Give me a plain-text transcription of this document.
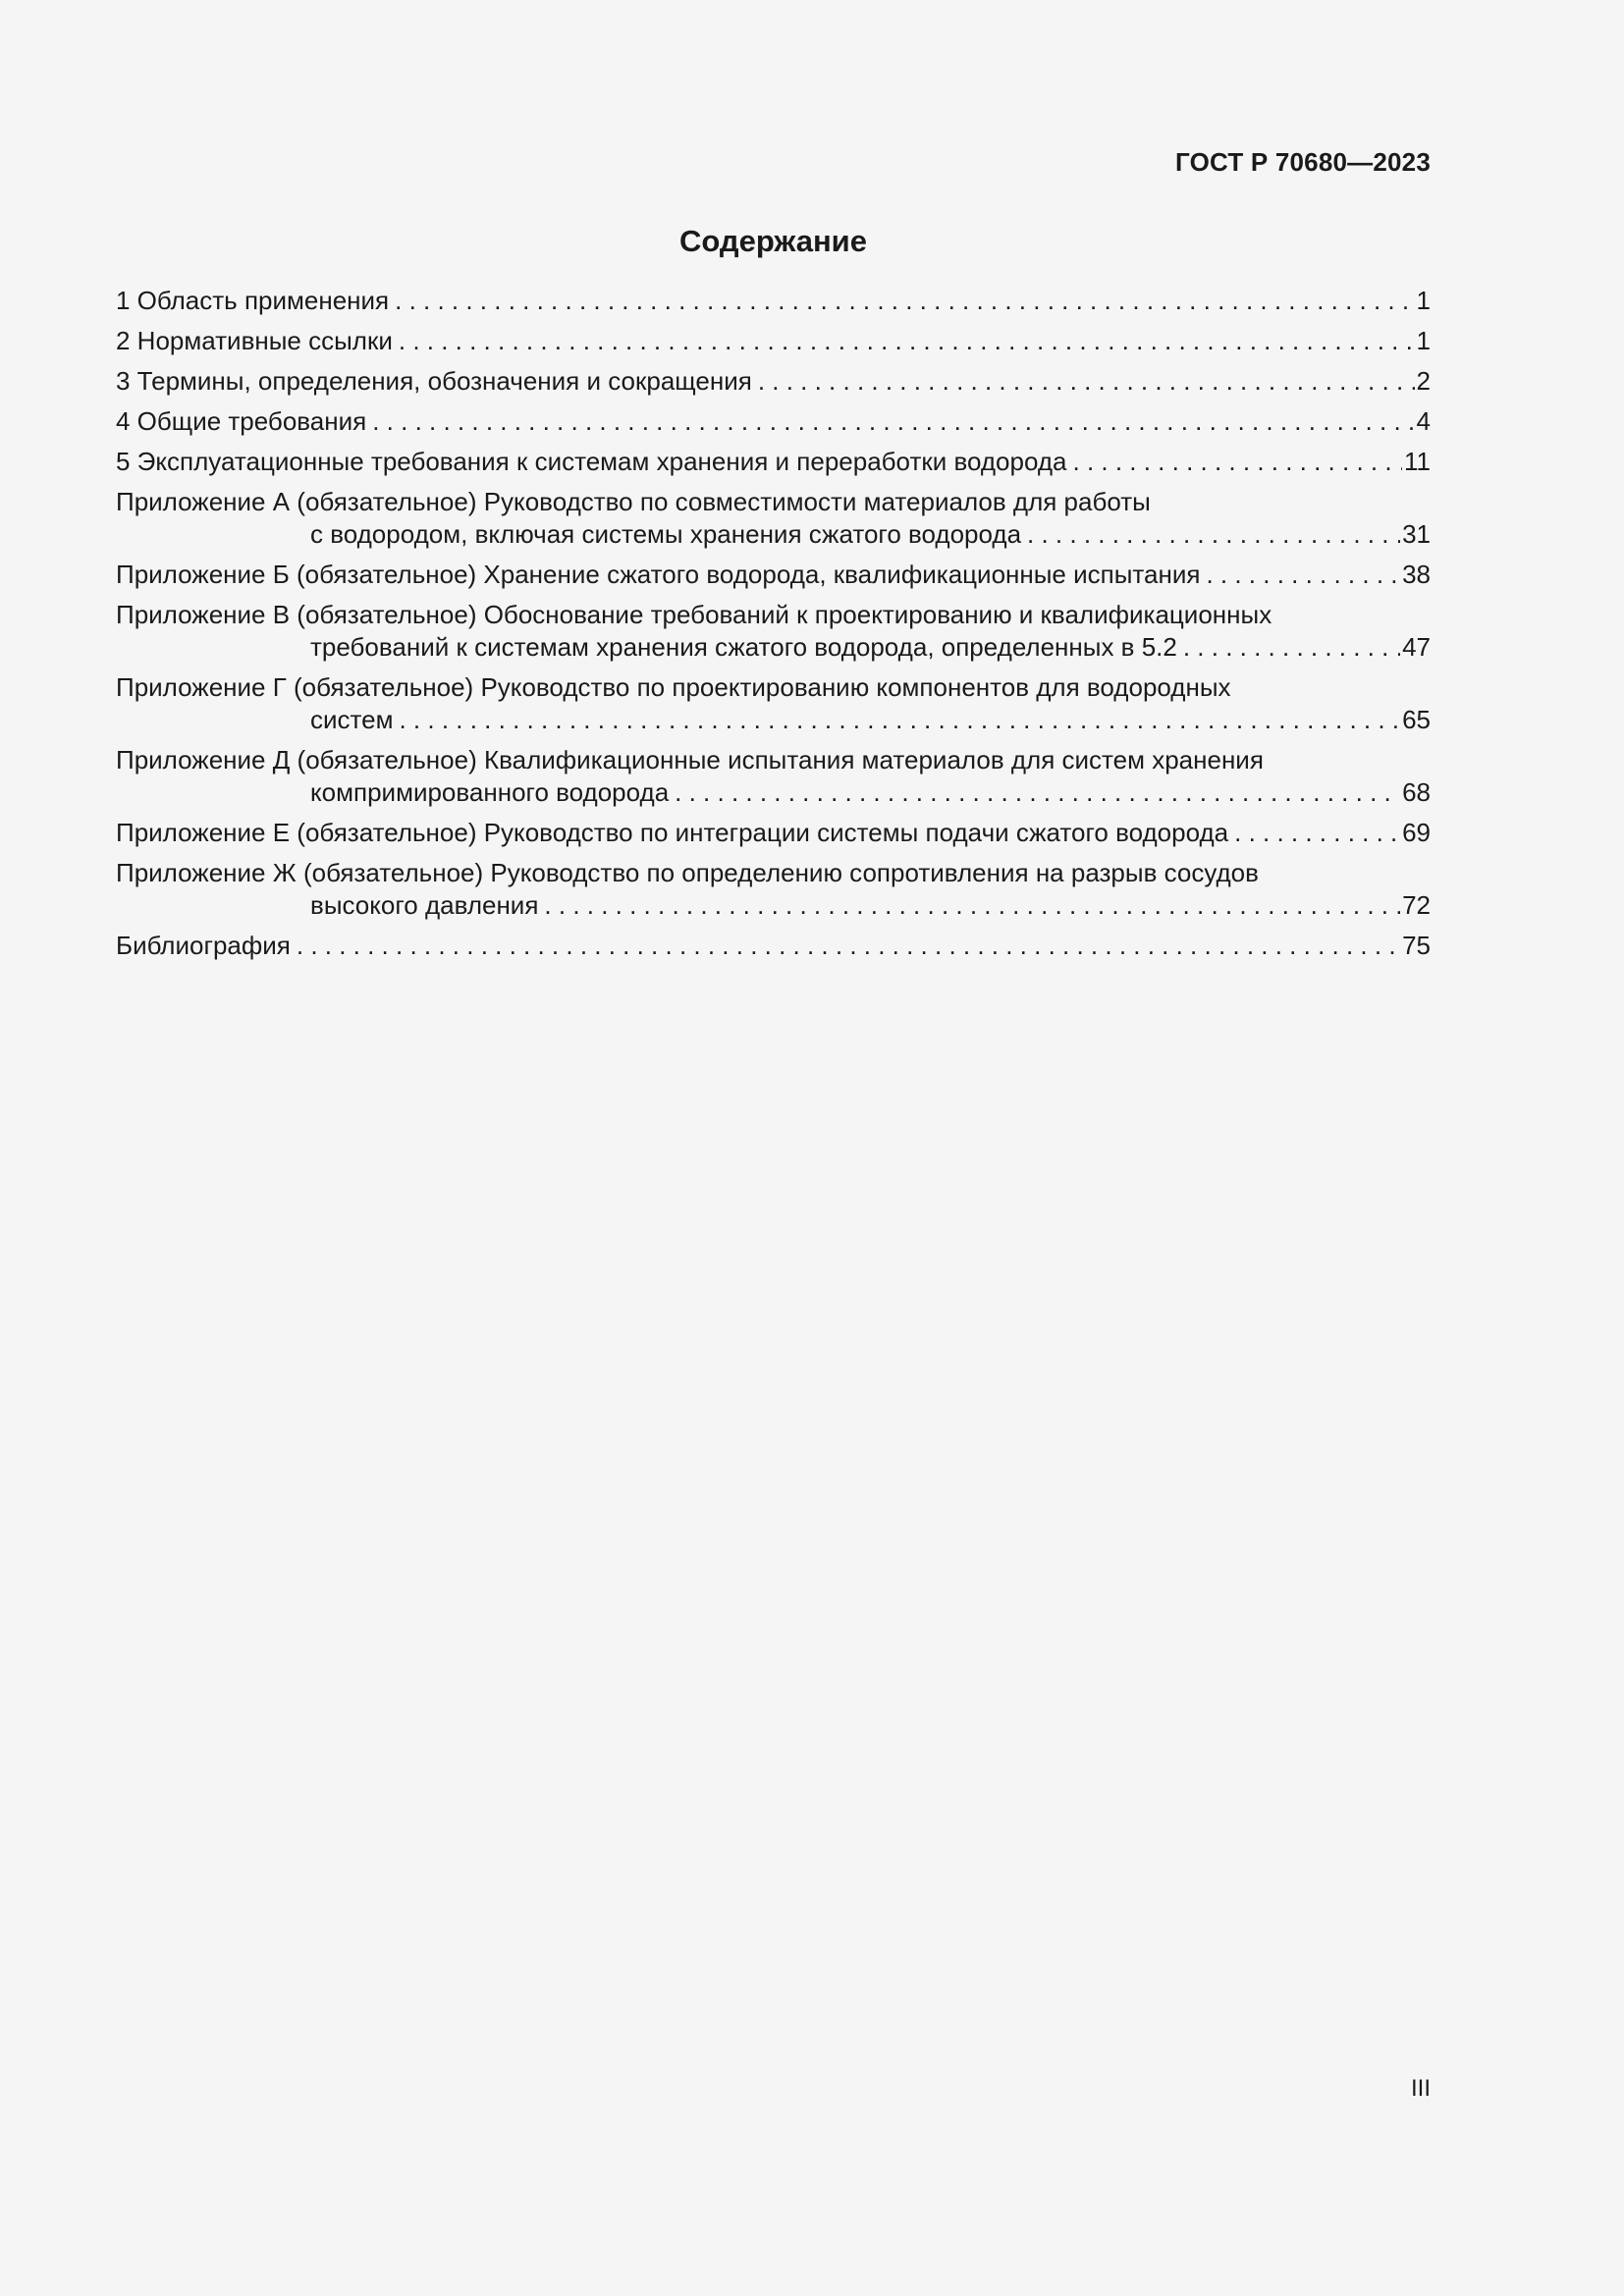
ГОСТ Р 70680—2023
Содержание
1 Область применения . . .	1
2 Нормативные ссылки . . .	1
3 Термины, определения, обозначения и сокращения . . .	2
4 Общие требования . . .	4
5 Эксплуатационные требования к системам хранения и переработки водорода . . .	11
Приложение А (обязательное) Руководство по совместимости материалов для работы
с водородом, включая системы хранения сжатого водорода . . .	31
Приложение Б (обязательное) Хранение сжатого водорода, квалификационные испытания . . .	38
Приложение В (обязательное) Обоснование требований к проектированию и квалификационных
требований к системам хранения сжатого водорода, определенных в 5.2 . . .	47
Приложение Г (обязательное) Руководство по проектированию компонентов для водородных
систем . . .	65
Приложение Д (обязательное) Квалификационные испытания материалов для систем хранения
компримированного водорода . . .	68
Приложение Е (обязательное) Руководство по интеграции системы подачи сжатого водорода . . .	69
Приложение Ж (обязательное) Руководство по определению сопротивления на разрыв сосудов
высокого давления . . .	72
Библиография . . .	75
III
